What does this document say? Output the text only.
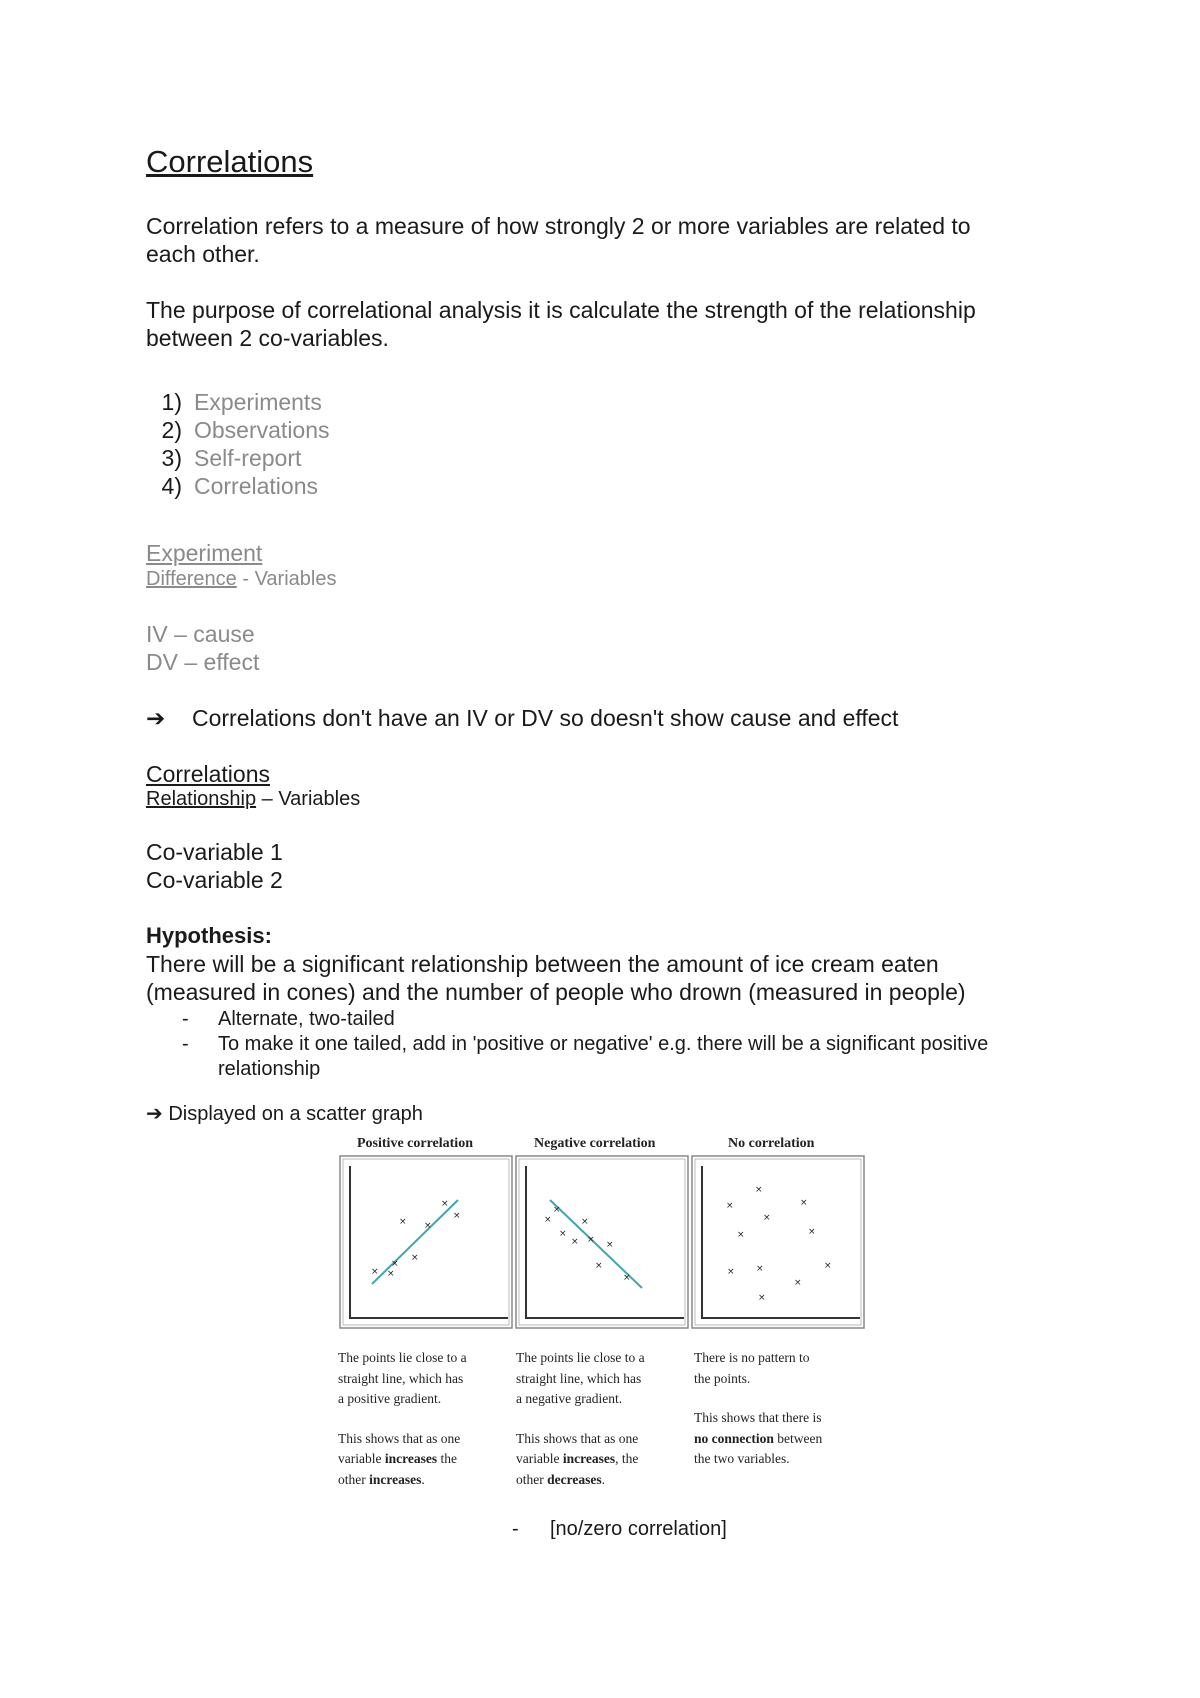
Correlations
Correlation refers to a measure of how strongly 2 or more variables are related to
each other.
The purpose of correlational analysis it is calculate the strength of the relationship
between 2 co-variables.
1) Experiments
2) Observations
3) Self-report
4) Correlations
Experiment
Difference - Variables
IV – cause
DV – effect
➔ Correlations don't have an IV or DV so doesn't show cause and effect
Correlations
Relationship – Variables
Co-variable 1
Co-variable 2
Hypothesis:
There will be a significant relationship between the amount of ice cream eaten
(measured in cones) and the number of people who drown (measured in people)
- Alternate, two-tailed
- To make it one tailed, add in 'positive or negative' e.g. there will be a significant positive
relationship
➔ Displayed on a scatter graph
Positive correlation	Negative correlation	No correlation
× ×
×
×
× ×
×
×	×
×
×
×
×
× ×
×
×
×
×
×
×
×	×
× ×	×
×
×

The points lie close to a

straight line, which has

a positive gradient.

This shows that as one

variable increases the

other increases.

The points lie close to a

straight line, which has

a negative gradient.

This shows that as one

variable increases, the

other decreases.

There is no pattern to

the points.

This shows that there is

no connection between

the two variables.

- [no/zero correlation]
